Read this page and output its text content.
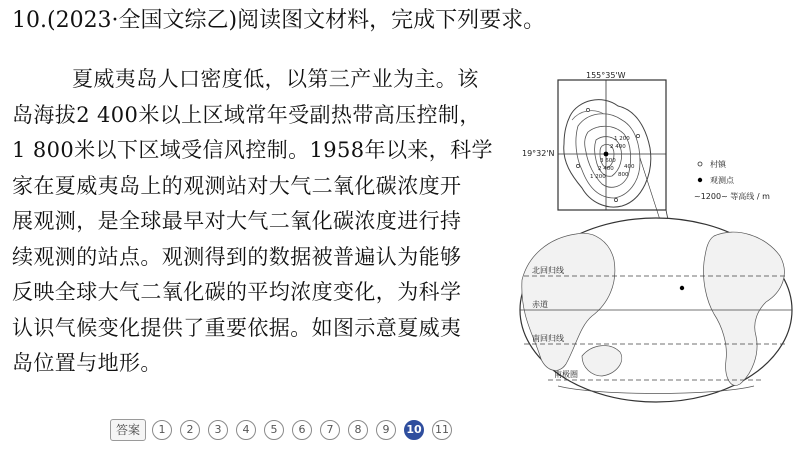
10.(2023·全国文综乙)阅读图文材料，完成下列要求。
夏威夷岛人口密度低，以第三产业为主。该
岛海拔2 400米以上区域常年受副热带高压控制，
1 800米以下区域受信风控制。1958年以来，科学
家在夏威夷岛上的观测站对大气二氧化碳浓度开
展观测，是全球最早对大气二氧化碳浓度进行持
续观测的站点。观测得到的数据被普遍认为能够
反映全球大气二氧化碳的平均浓度变化，为科学
认识气候变化提供了重要依据。如图示意夏威夷
岛位置与地形。
1 200
2 400
3 600
2 400
1 200 800
400
155°35'W
19°32'N
村镇
观测点
~1200~ 等高线 / m
北回归线
赤道
南回归线
南极圈
答案	1	2	3	4	5	6	7	8	9	10 11
